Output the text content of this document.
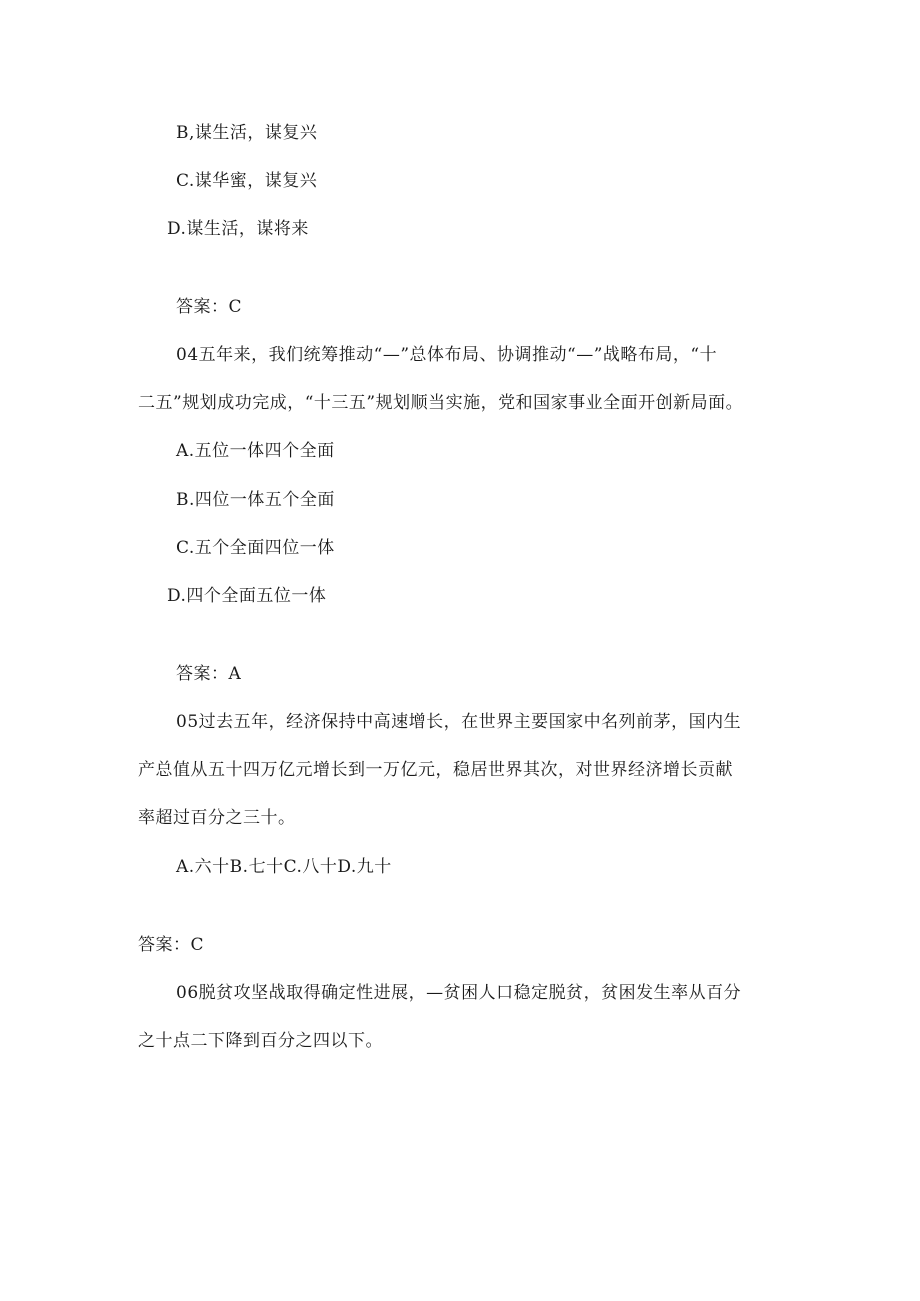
B,谋生活，谋复兴
C.谋华蜜，谋复兴
D.谋生活，谋将来
答案：C
04五年来，我们统筹推动“—”总体布局、协调推动“—”战略布局，“十
二五”规划成功完成，“十三五”规划顺当实施，党和国家事业全面开创新局面。
A.五位一体四个全面
B.四位一体五个全面
C.五个全面四位一体
D.四个全面五位一体
答案：A
05过去五年，经济保持中高速增长，在世界主要国家中名列前茅，国内生
产总值从五十四万亿元增长到一万亿元，稳居世界其次，对世界经济增长贡献
率超过百分之三十。
A.六十B.七十C.八十D.九十
答案：C
06脱贫攻坚战取得确定性进展，—贫困人口稳定脱贫，贫困发生率从百分
之十点二下降到百分之四以下。
